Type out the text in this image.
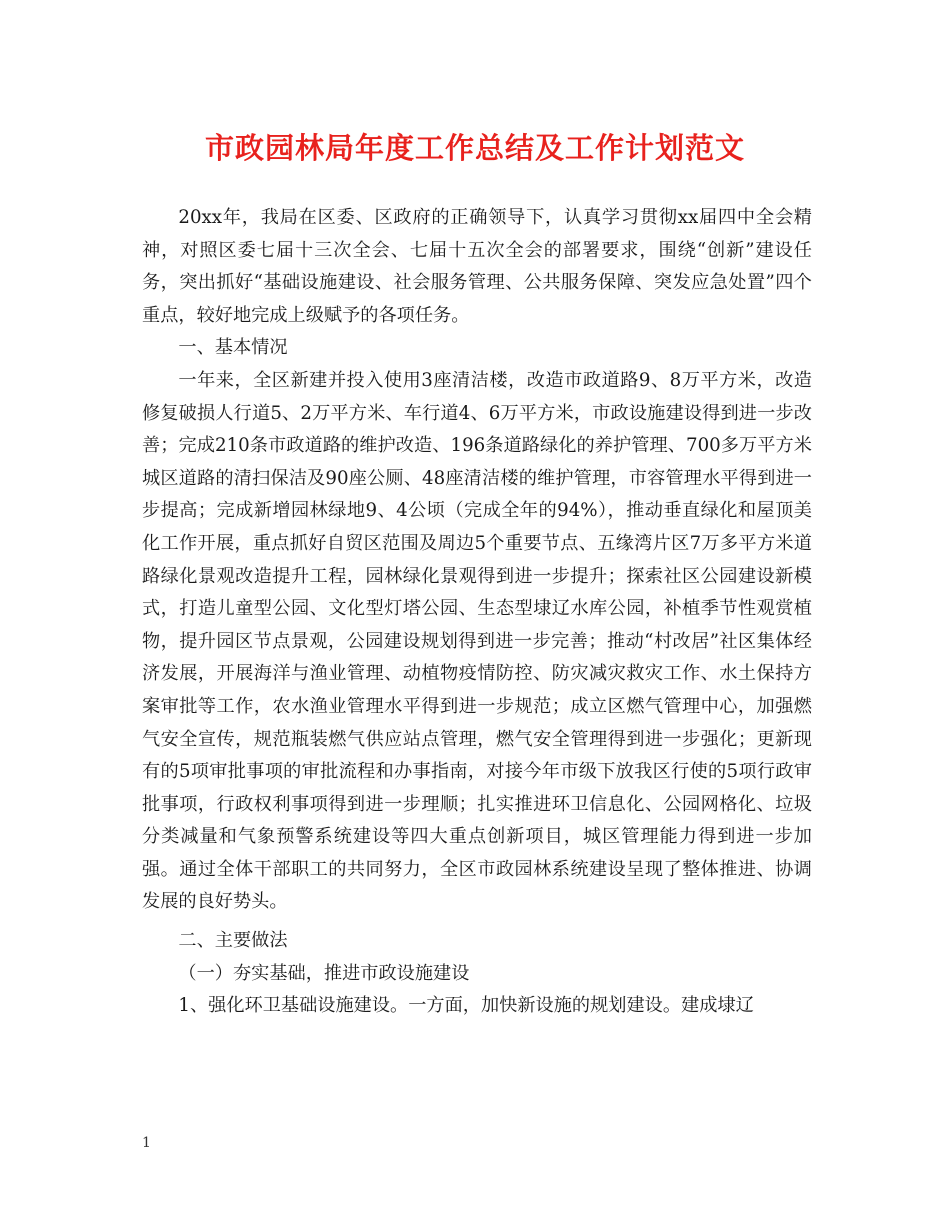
市政园林局年度工作总结及工作计划范文

20xx年，我局在区委、区政府的正确领导下，认真学习贯彻xx届四中全会精神，对照区委七届十三次全会、七届十五次全会的部署要求，围绕“创新”建设任务，突出抓好“基础设施建设、社会服务管理、公共服务保障、突发应急处置”四个重点，较好地完成上级赋予的各项任务。

一、基本情况

一年来，全区新建并投入使用3座清洁楼，改造市政道路9、8万平方米，改造修复破损人行道5、2万平方米、车行道4、6万平方米，市政设施建设得到进一步改善；完成210条市政道路的维护改造、196条道路绿化的养护管理、700多万平方米城区道路的清扫保洁及90座公厕、48座清洁楼的维护管理，市容管理水平得到进一步提高；完成新增园林绿地9、4公顷（完成全年的94%），推动垂直绿化和屋顶美化工作开展，重点抓好自贸区范围及周边5个重要节点、五缘湾片区7万多平方米道路绿化景观改造提升工程，园林绿化景观得到进一步提升；探索社区公园建设新模式，打造儿童型公园、文化型灯塔公园、生态型埭辽水库公园，补植季节性观赏植物，提升园区节点景观，公园建设规划得到进一步完善；推动“村改居”社区集体经济发展，开展海洋与渔业管理、动植物疫情防控、防灾减灾救灾工作、水土保持方案审批等工作，农水渔业管理水平得到进一步规范；成立区燃气管理中心，加强燃气安全宣传，规范瓶装燃气供应站点管理，燃气安全管理得到进一步强化；更新现有的5项审批事项的审批流程和办事指南，对接今年市级下放我区行使的5项行政审批事项，行政权利事项得到进一步理顺；扎实推进环卫信息化、公园网格化、垃圾分类减量和气象预警系统建设等四大重点创新项目，城区管理能力得到进一步加强。通过全体干部职工的共同努力，全区市政园林系统建设呈现了整体推进、协调发展的良好势头。

二、主要做法

（一）夯实基础，推进市政设施建设

1、强化环卫基础设施建设。一方面，加快新设施的规划建设。建成埭辽

1
